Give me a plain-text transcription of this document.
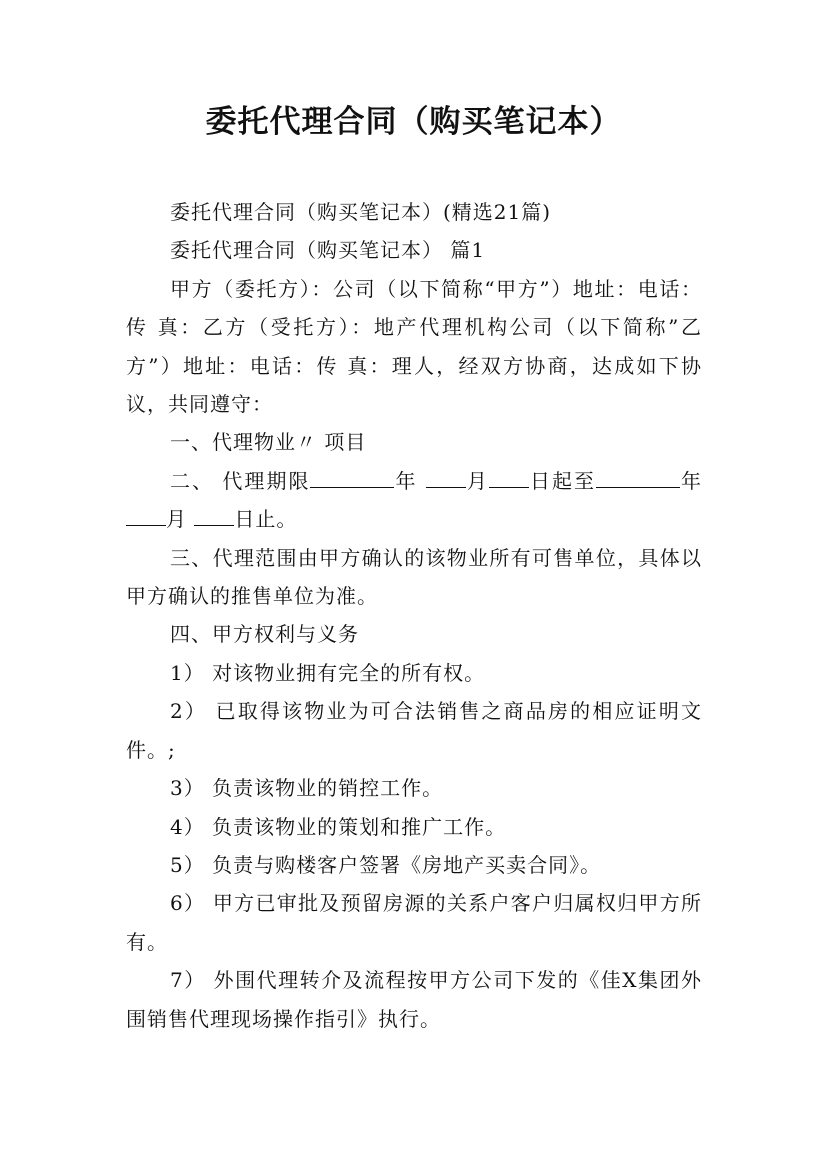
委托代理合同（购买笔记本）

委托代理合同（购买笔记本）(精选21篇)

委托代理合同（购买笔记本） 篇1

甲方（委托方）：公司（以下简称“甲方”）地址：电话：传 真：乙方（受托方）：地产代理机构公司（以下简称”乙方”）地址：电话：传 真：理人，经双方协商，达成如下协议，共同遵守：

一、代理物业〃 项目

二、 代理期限	年 月 日起至	年月 日止。

三、代理范围由甲方确认的该物业所有可售单位，具体以甲方确认的推售单位为准。

四、甲方权利与义务

1） 对该物业拥有完全的所有权。

2） 已取得该物业为可合法销售之商品房的相应证明文件。;

3） 负责该物业的销控工作。

4） 负责该物业的策划和推广工作。

5） 负责与购楼客户签署《房地产买卖合同》。

6） 甲方已审批及预留房源的关系户客户归属权归甲方所有。

7） 外围代理转介及流程按甲方公司下发的《佳X集团外围销售代理现场操作指引》执行。
